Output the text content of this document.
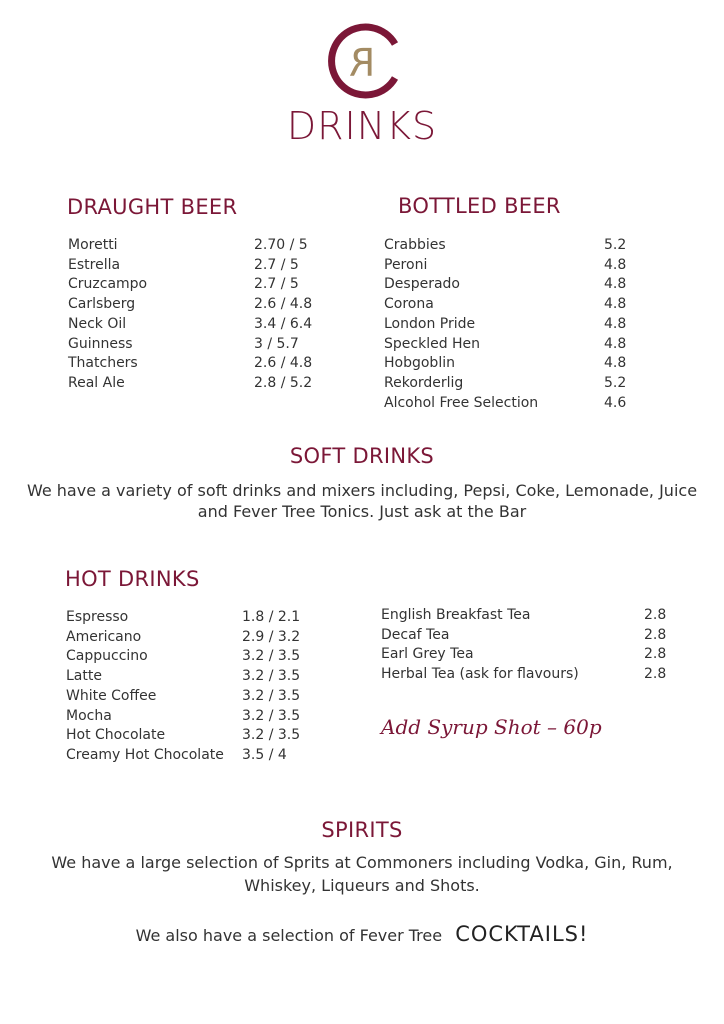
R
DRINKS
DRAUGHT BEER
Moretti	2.70 / 5
Estrella	2.7 / 5
Cruzcampo	2.7 / 5
Carlsberg	2.6 / 4.8
Neck Oil	3.4 / 6.4
Guinness	3 / 5.7
Thatchers	2.6 / 4.8
Real Ale	2.8 / 5.2
BOTTLED BEER
Crabbies	5.2
Peroni	4.8
Desperado	4.8
Corona	4.8
London Pride	4.8
Speckled Hen	4.8
Hobgoblin	4.8
Rekorderlig	5.2
Alcohol Free Selection	4.6
SOFT DRINKS
We have a variety of soft drinks and mixers including, Pepsi, Coke, Lemonade, Juice
and Fever Tree Tonics. Just ask at the Bar
HOT DRINKS
Espresso	1.8 / 2.1
Americano	2.9 / 3.2
Cappuccino	3.2 / 3.5
Latte	3.2 / 3.5
White Coffee	3.2 / 3.5
Mocha	3.2 / 3.5
Hot Chocolate	3.2 / 3.5
Creamy Hot Chocolate 3.5 / 4
English Breakfast Tea	2.8
Decaf Tea	2.8
Earl Grey Tea	2.8
Herbal Tea (ask for flavours)	2.8
Add Syrup Shot – 60p
SPIRITS
We have a large selection of Sprits at Commoners including Vodka, Gin, Rum,
Whiskey, Liqueurs and Shots.
We also have a selection of Fever Tree COCKTAILS!
